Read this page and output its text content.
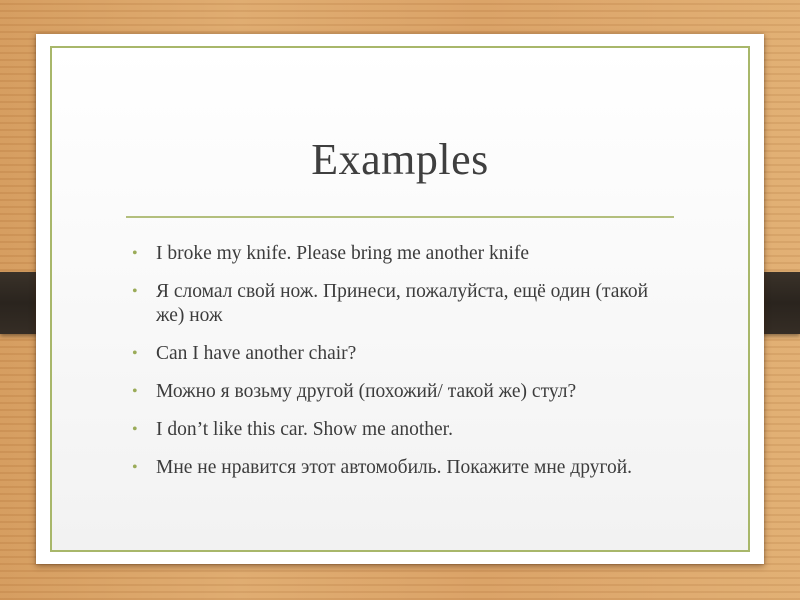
Examples
• I broke my knife. Please bring me another knife
• Я сломал свой нож. Принеси, пожалуйста, ещё один (такой же) нож
• Can I have another chair?
• Можно я возьму другой (похожий/ такой же) стул?
• I don’t like this car. Show me another.
• Мне не нравится этот автомобиль. Покажите мне другой.
